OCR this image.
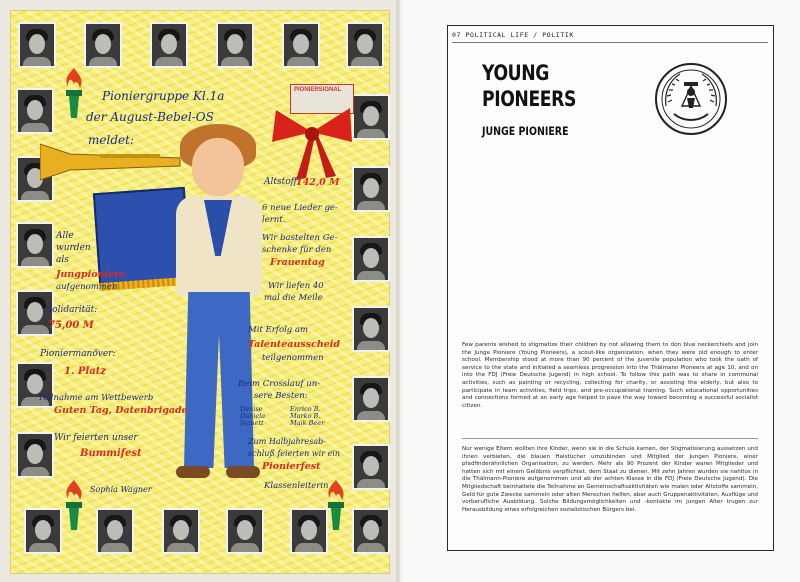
PIONIERSIGNAL
Pioniergruppe Kl.1a
der August-Bebel-OS
meldet:
Alle
wurden
als
Jungpioniere
aufgenommen
Solidarität:
75,00 M
Pioniermanöver:
1. Platz
Teilnahme am Wettbewerb
Guten Tag, Datenbrigade
Wir feierten unser
Bummifest
Altstoff:
142,0 M
6 neue Lieder ge-
lernt.
Wir bastelten Ge-
schenke für den
Frauentag
Wir liefen 40
mal die Meile
Mit Erfolg am
Talenteausscheid
teilgenommen
Beim Crosslauf un-
sere Besten:
Denise Daniela Jeanett
Enrico B. Marko B. Maik Beer
Zum Halbjahresab-
schluß feierten wir ein
Pionierfest
Klassenleiterin
Sophia Wagner
07 POLITICAL LIFE / POLITIK
YOUNG
PIONEERS
JUNGE PIONIERE

Few parents wished to stigmatize their children by not allowing them to don blue neckerchiefs and join the Junge Pioniere (Young Pioneers), a scout-like organization, when they were old enough to enter school. Membership stood at more than 90 percent of the juvenile population who took the oath of service to the state and initiated a seamless progression into the Thälmann Pioneers at age 10, and on into the FDJ (Freie Deutsche Jugend) in high school. To follow this path was to share in communal activities, such as painting or recycling, collecting for charity, or assisting the elderly, but also to participate in team activities, field trips, and pre-occupational training. Such educational opportunities and connections formed at an early age helped to pave the way toward becoming a successful socialist citizen.

Nur wenige Eltern wollten ihre Kinder, wenn sie in die Schule kamen, der Stigmatisierung aussetzen und ihnen verbieten, die blauen Halstücher umzubinden und Mitglied der Jungen Pioniere, einer pfadfinderähnlichen Organisation, zu werden. Mehr als 90 Prozent der Kinder waren Mitglieder und hatten sich mit einem Gelöbnis verpflichtet, dem Staat zu dienen. Mit zehn Jahren wurden sie nahtlos in die Thälmann-Pioniere aufgenommen und ab der achten Klasse in die FDJ (Freie Deutsche Jugend). Die Mitgliedschaft beinhaltete die Teilnahme an Gemeinschaftsaktivitäten wie malen oder Altstoffe sammeln, Geld für gute Zwecke sammeln oder alten Menschen helfen, aber auch Gruppenaktivitäten, Ausflüge und vorberufliche Ausbildung. Solche Bildungsmöglichkeiten und -kontakte im jungen Alter trugen zur Herausbildung eines erfolgreichen sozialistischen Bürgers bei.
